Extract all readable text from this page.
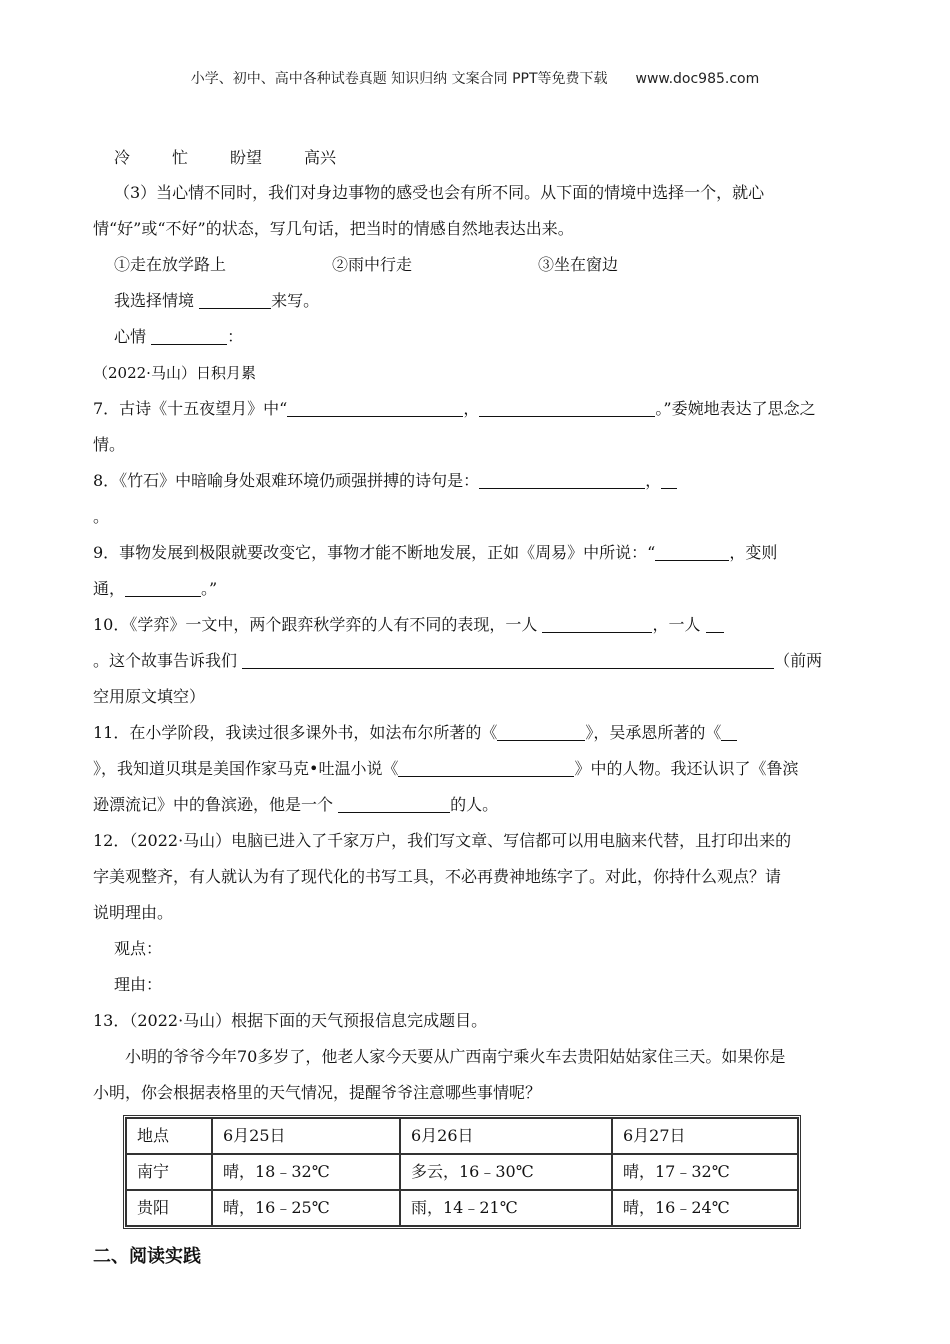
小学、初中、高中各种试卷真题 知识归纳 文案合同 PPT等免费下载 www.doc985.com

冷	忙	盼望	高兴

（3）当心情不同时，我们对身边事物的感受也会有所不同。从下面的情境中选择一个，就心

情“好”或“不好”的状态，写几句话，把当时的情感自然地表达出来。

①走在放学路上	②雨中行走	③坐在窗边

我选择情境	来写。

心情	：

（2022·马山）日积月累

7．古诗《十五夜望月》中“	，	。”委婉地表达了思念之

情。

8．《竹石》中暗喻身处艰难环境仍顽强拼搏的诗句是：	，

。

9．事物发展到极限就要改变它，事物才能不断地发展，正如《周易》中所说：“	，变则

通，	。”

10．《学弈》一文中，两个跟弈秋学弈的人有不同的表现，一人	，一人

。这个故事告诉我们	（前两

空用原文填空）

11．在小学阶段，我读过很多课外书，如法布尔所著的《	》，吴承恩所著的《

》，我知道贝琪是美国作家马克•吐温小说《	》中的人物。我还认识了《鲁滨

逊漂流记》中的鲁滨逊，他是一个	的人。

12．（2022·马山）电脑已进入了千家万户，我们写文章、写信都可以用电脑来代替，且打印出来的

字美观整齐，有人就认为有了现代化的书写工具，不必再费神地练字了。对此，你持什么观点？请

说明理由。

观点：

理由：

13．（2022·马山）根据下面的天气预报信息完成题目。

小明的爷爷今年70多岁了，他老人家今天要从广西南宁乘火车去贵阳姑姑家住三天。如果你是

小明，你会根据表格里的天气情况，提醒爷爷注意哪些事情呢？

地点	6月25日	6月26日	6月27日
南宁	晴，18﹣32℃	多云，16﹣30℃	晴，17﹣32℃
贵阳	晴，16﹣25℃	雨，14﹣21℃	晴，16﹣24℃

二、阅读实践
